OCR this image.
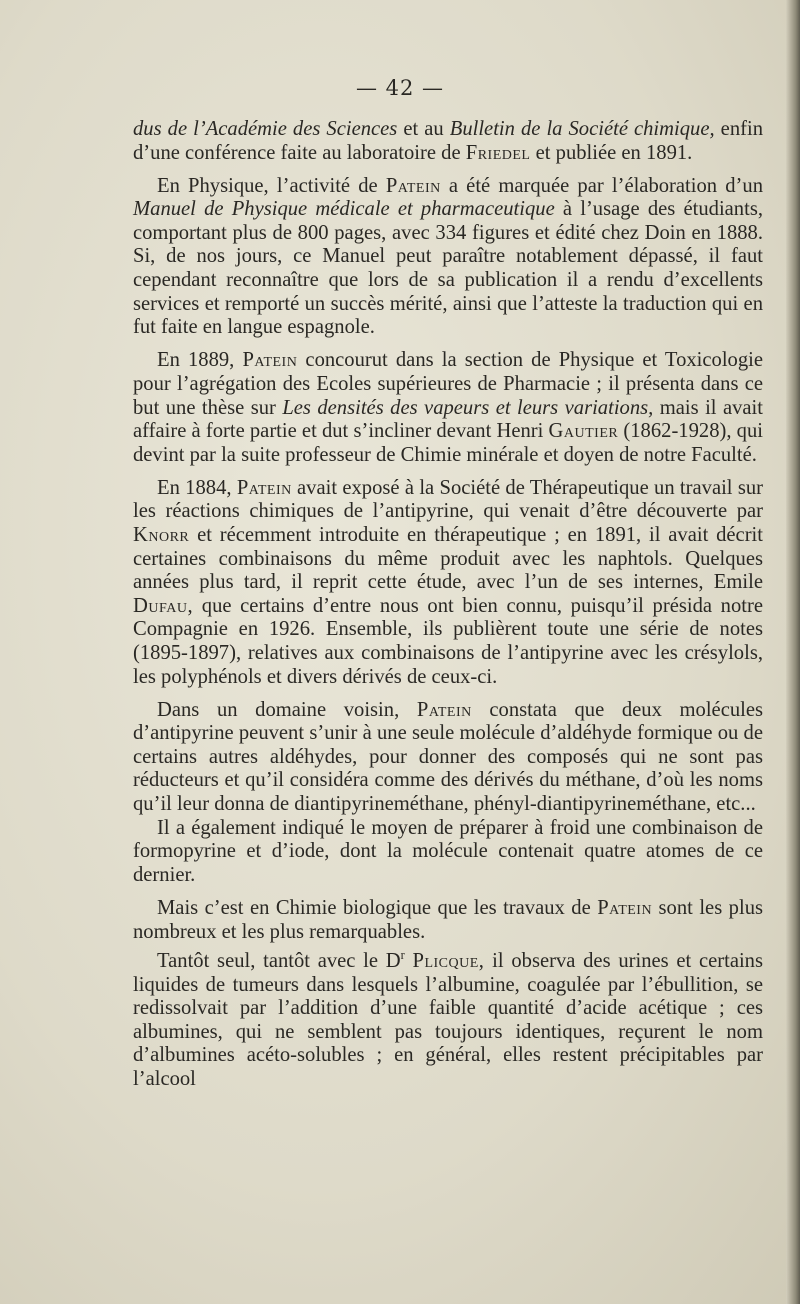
— 42 —

dus de l’Académie des Sciences et au Bulletin de la Société chimique, enfin d’une conférence faite au laboratoire de Friedel et publiée en 1891.

En Physique, l’activité de Patein a été marquée par l’élaboration d’un Manuel de Physique médicale et pharmaceutique à l’usage des étudiants, comportant plus de 800 pages, avec 334 figures et édité chez Doin en 1888. Si, de nos jours, ce Manuel peut paraître notablement dépassé, il faut cependant reconnaître que lors de sa publication il a rendu d’excellents services et remporté un succès mérité, ainsi que l’atteste la traduction qui en fut faite en langue espagnole.

En 1889, Patein concourut dans la section de Physique et Toxicologie pour l’agrégation des Ecoles supérieures de Pharmacie ; il présenta dans ce but une thèse sur Les densités des vapeurs et leurs variations, mais il avait affaire à forte partie et dut s’incliner devant Henri Gautier (1862-1928), qui devint par la suite professeur de Chimie minérale et doyen de notre Faculté.

En 1884, Patein avait exposé à la Société de Thérapeutique un travail sur les réactions chimiques de l’antipyrine, qui venait d’être découverte par Knorr et récemment introduite en thérapeutique ; en 1891, il avait décrit certaines combinaisons du même produit avec les naphtols. Quelques années plus tard, il reprit cette étude, avec l’un de ses internes, Emile Dufau, que certains d’entre nous ont bien connu, puisqu’il présida notre Compagnie en 1926. Ensemble, ils publièrent toute une série de notes (1895-1897), relatives aux combinaisons de l’antipyrine avec les crésylols, les polyphénols et divers dérivés de ceux-ci.

Dans un domaine voisin, Patein constata que deux molécules d’antipyrine peuvent s’unir à une seule molécule d’aldéhyde formique ou de certains autres aldéhydes, pour donner des composés qui ne sont pas réducteurs et qu’il considéra comme des dérivés du méthane, d’où les noms qu’il leur donna de diantipyrineméthane, phényl-diantipyrineméthane, etc...

Il a également indiqué le moyen de préparer à froid une combinaison de formopyrine et d’iode, dont la molécule contenait quatre atomes de ce dernier.

Mais c’est en Chimie biologique que les travaux de Patein sont les plus nombreux et les plus remarquables.

Tantôt seul, tantôt avec le $D^r$ Plicque, il observa des urines et certains liquides de tumeurs dans lesquels l’albumine, coagulée par l’ébullition, se redissolvait par l’addition d’une faible quantité d’acide acétique ; ces albumines, qui ne semblent pas toujours identiques, reçurent le nom d’albumines acéto-solubles ; en général, elles restent précipitables par l’alcool
